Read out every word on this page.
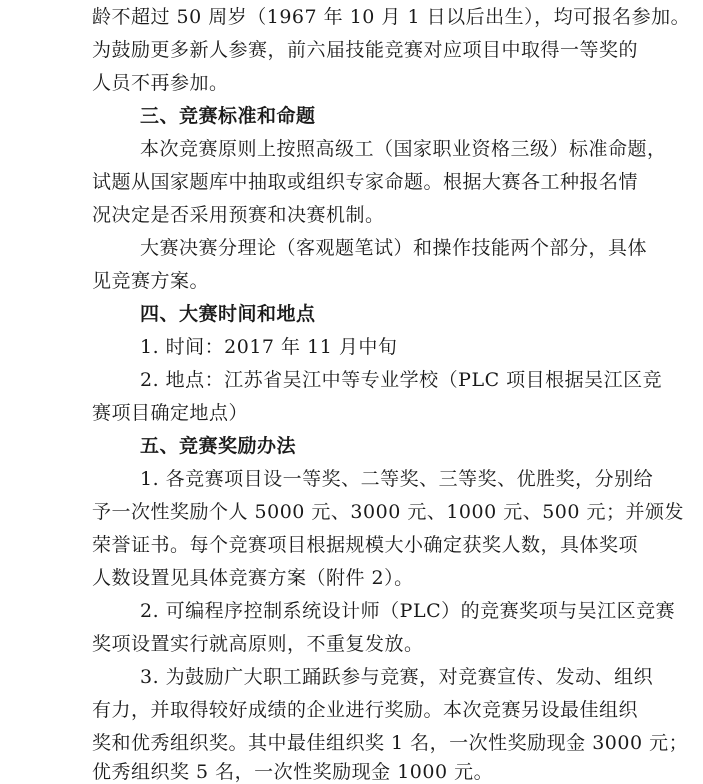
龄不超过 50 周岁（1967 年 10 月 1 日以后出生），均可报名参加。
为鼓励更多新人参赛，前六届技能竞赛对应项目中取得一等奖的
人员不再参加。
三、竞赛标准和命题
本次竞赛原则上按照高级工（国家职业资格三级）标准命题，
试题从国家题库中抽取或组织专家命题。根据大赛各工种报名情
况决定是否采用预赛和决赛机制。
大赛决赛分理论（客观题笔试）和操作技能两个部分，具体
见竞赛方案。
四、大赛时间和地点
1. 时间：2017 年 11 月中旬
2. 地点：江苏省吴江中等专业学校（PLC 项目根据吴江区竞
赛项目确定地点）
五、竞赛奖励办法
1. 各竞赛项目设一等奖、二等奖、三等奖、优胜奖，分别给
予一次性奖励个人 5000 元、3000 元、1000 元、500 元；并颁发
荣誉证书。每个竞赛项目根据规模大小确定获奖人数，具体奖项
人数设置见具体竞赛方案（附件 2）。
2. 可编程序控制系统设计师（PLC）的竞赛奖项与吴江区竞赛
奖项设置实行就高原则，不重复发放。
3. 为鼓励广大职工踊跃参与竞赛，对竞赛宣传、发动、组织
有力，并取得较好成绩的企业进行奖励。本次竞赛另设最佳组织
奖和优秀组织奖。其中最佳组织奖 1 名，一次性奖励现金 3000 元；
优秀组织奖 5 名，一次性奖励现金 1000 元。
